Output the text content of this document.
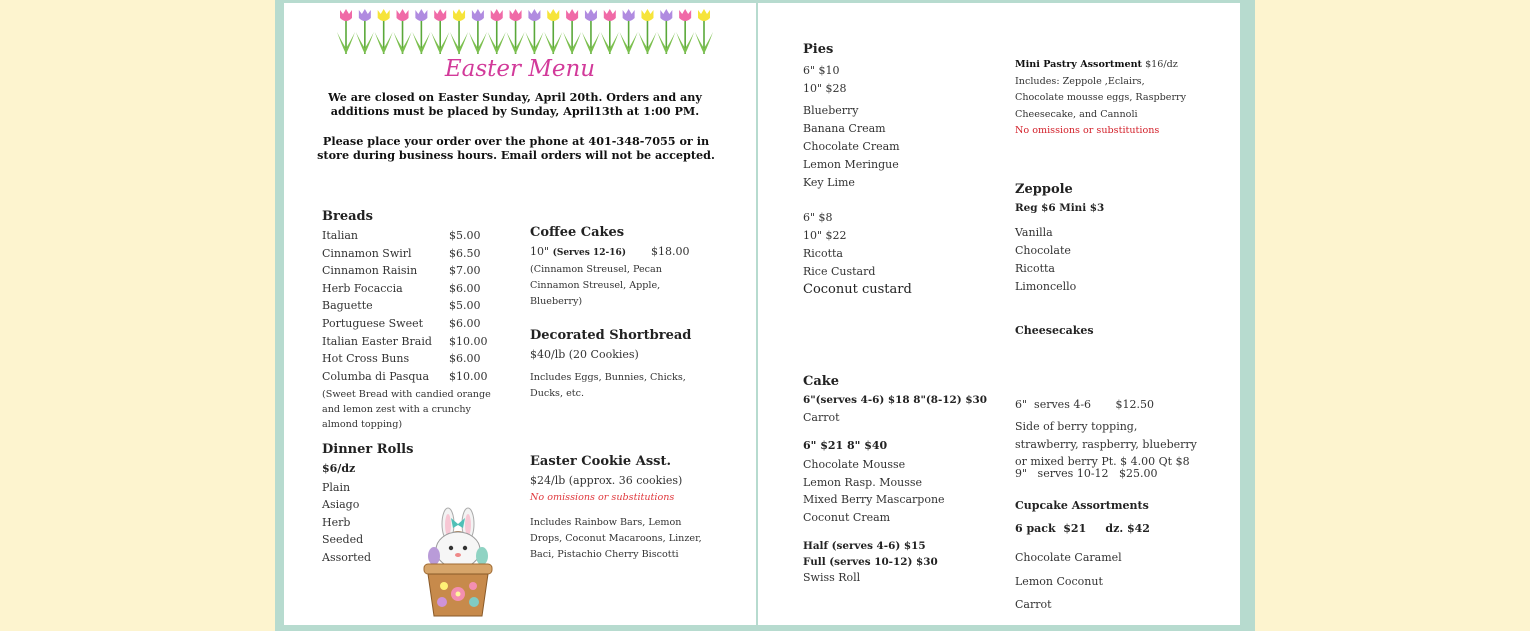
Easter Menu
We are closed on Easter Sunday, April 20th. Orders and any
additions must be placed by Sunday, April13th at 1:00 PM.
Please place your order over the phone at 401-348-7055 or in
store during business hours. Email orders will not be accepted.
Breads
Italian	$5.00
Cinnamon Swirl	$6.50
Cinnamon Raisin	$7.00
Herb Focaccia	$6.00
Baguette	$5.00
Portuguese Sweet $6.00
Italian Easter Braid $10.00
Hot Cross Buns	$6.00
Columba di Pasqua $10.00
(Sweet Bread with candied orange
and lemon zest with a crunchy
almond topping)
Dinner Rolls
$6/dz
Plain
Asiago
Herb
Seeded
Assorted
Coffee Cakes
10" (Serves 12-16) $18.00
(Cinnamon Streusel, Pecan
Cinnamon Streusel, Apple,
Blueberry)
Decorated Shortbread
$40/lb (20 Cookies)
Includes Eggs, Bunnies, Chicks,
Ducks, etc.
Easter Cookie Asst.
$24/lb (approx. 36 cookies)
No omissions or substitutions
Includes Rainbow Bars, Lemon
Drops, Coconut Macaroons, Linzer,
Baci, Pistachio Cherry Biscotti
Pies
6" $10
10" $28
Blueberry
Banana Cream
Chocolate Cream
Lemon Meringue
Key Lime
6" $8
10" $22
Ricotta
Rice Custard
Coconut custard
Cake
6"(serves 4-6) $18 8"(8-12) $30
Carrot
6" $21 8" $40
Chocolate Mousse
Lemon Rasp. Mousse
Mixed Berry Mascarpone
Coconut Cream
Half (serves 4-6) $15
Full (serves 10-12) $30
Swiss Roll
Mini Pastry Assortment $16/dz
Includes: Zeppole ,Eclairs,
Chocolate mousse eggs, Raspberry
Cheesecake, and Cannoli
No omissions or substitutions
Zeppole
Reg $6 Mini $3
Vanilla
Chocolate
Ricotta
Limoncello
Cheesecakes

6"  serves 4-6       $12.50

9"   serves 10-12   $25.00

Side of berry topping,
strawberry, raspberry, blueberry
or mixed berry Pt. $ 4.00 Qt $8
Cupcake Assortments
6 pack  $21     dz. $42
Chocolate Caramel
Lemon Coconut
Carrot
